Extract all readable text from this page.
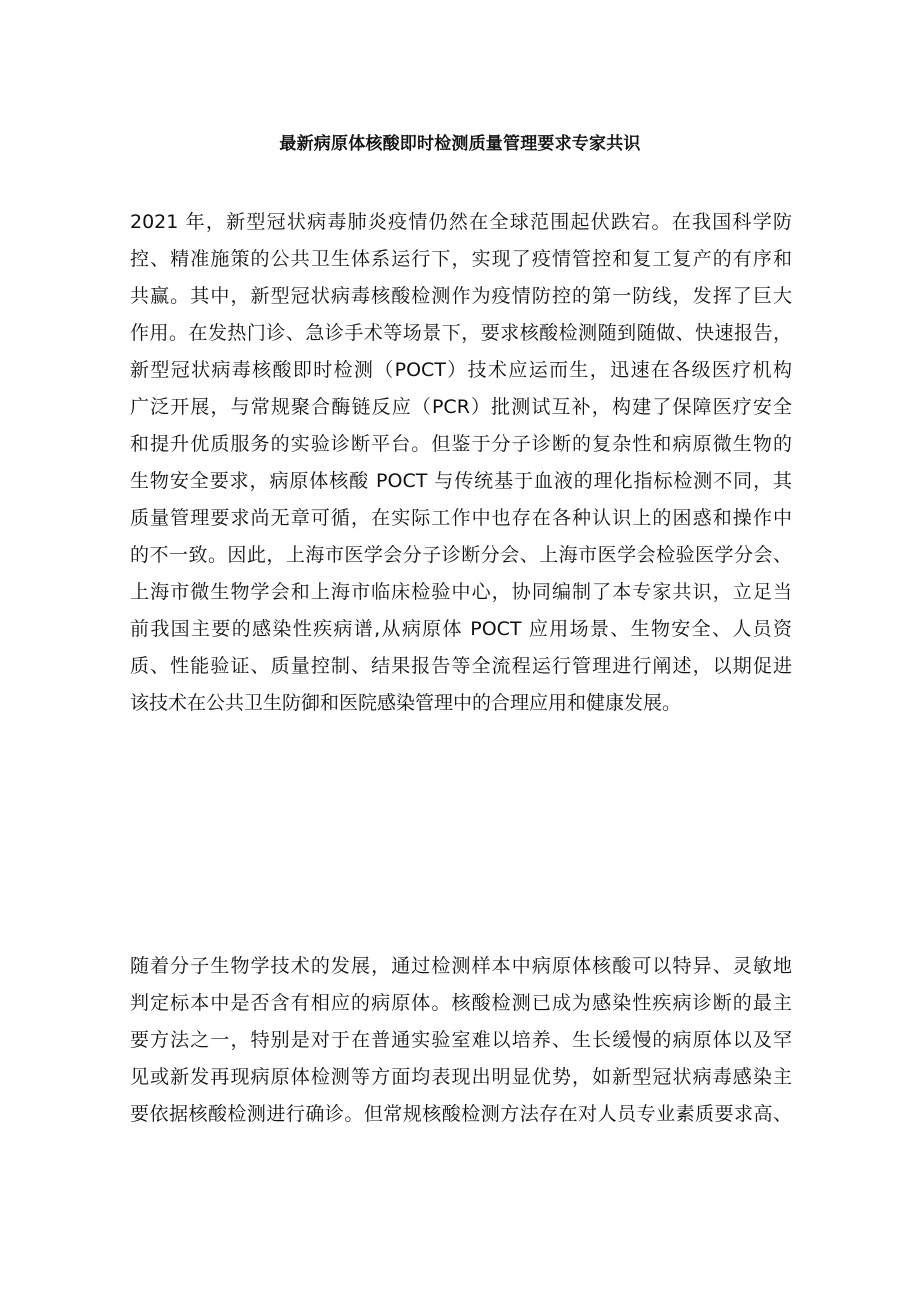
最新病原体核酸即时检测质量管理要求专家共识
2021 年，新型冠状病毒肺炎疫情仍然在全球范围起伏跌宕。在我国科学防
控、精准施策的公共卫生体系运行下，实现了疫情管控和复工复产的有序和
共赢。其中，新型冠状病毒核酸检测作为疫情防控的第一防线，发挥了巨大
作用。在发热门诊、急诊手术等场景下，要求核酸检测随到随做、快速报告，
新型冠状病毒核酸即时检测（POCT）技术应运而生，迅速在各级医疗机构
广泛开展，与常规聚合酶链反应（PCR）批测试互补，构建了保障医疗安全
和提升优质服务的实验诊断平台。但鉴于分子诊断的复杂性和病原微生物的
生物安全要求，病原体核酸 POCT 与传统基于血液的理化指标检测不同，其
质量管理要求尚无章可循，在实际工作中也存在各种认识上的困惑和操作中
的不一致。因此，上海市医学会分子诊断分会、上海市医学会检验医学分会、
上海市微生物学会和上海市临床检验中心，协同编制了本专家共识，立足当
前我国主要的感染性疾病谱,从病原体 POCT 应用场景、生物安全、人员资
质、性能验证、质量控制、结果报告等全流程运行管理进行阐述，以期促进
该技术在公共卫生防御和医院感染管理中的合理应用和健康发展。
随着分子生物学技术的发展，通过检测样本中病原体核酸可以特异、灵敏地
判定标本中是否含有相应的病原体。核酸检测已成为感染性疾病诊断的最主
要方法之一，特别是对于在普通实验室难以培养、生长缓慢的病原体以及罕
见或新发再现病原体检测等方面均表现出明显优势，如新型冠状病毒感染主
要依据核酸检测进行确诊。但常规核酸检测方法存在对人员专业素质要求高、
